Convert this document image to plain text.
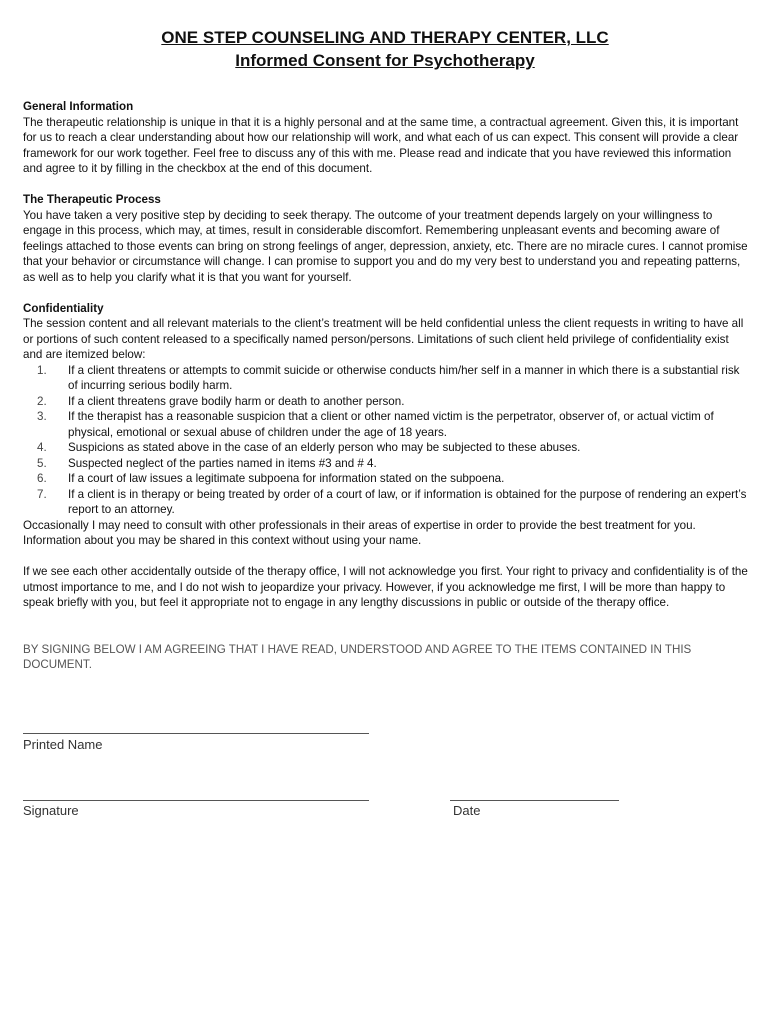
ONE STEP COUNSELING AND THERAPY CENTER, LLC
Informed Consent for Psychotherapy

General Information

The therapeutic relationship is unique in that it is a highly personal and at the same time, a contractual agreement. Given this, it is important for us to reach a clear understanding about how our relationship will work, and what each of us can expect. This consent will provide a clear framework for our work together. Feel free to discuss any of this with me. Please read and indicate that you have reviewed this information and agree to it by filling in the checkbox at the end of this document.

The Therapeutic Process

You have taken a very positive step by deciding to seek therapy. The outcome of your treatment depends largely on your willingness to engage in this process, which may, at times, result in considerable discomfort. Remembering unpleasant events and becoming aware of feelings attached to those events can bring on strong feelings of anger, depression, anxiety, etc. There are no miracle cures. I cannot promise that your behavior or circumstance will change. I can promise to support you and do my very best to understand you and repeating patterns, as well as to help you clarify what it is that you want for yourself.

Confidentiality

The session content and all relevant materials to the client’s treatment will be held confidential unless the client requests in writing to have all or portions of such content released to a specifically named person/persons. Limitations of such client held privilege of confidentiality exist and are itemized below:

1. If a client threatens or attempts to commit suicide or otherwise conducts him/her self in a manner in which there is a substantial risk of incurring serious bodily harm.
2. If a client threatens grave bodily harm or death to another person.
3. If the therapist has a reasonable suspicion that a client or other named victim is the perpetrator, observer of, or actual victim of physical, emotional or sexual abuse of children under the age of 18 years.
4. Suspicions as stated above in the case of an elderly person who may be subjected to these abuses.
5. Suspected neglect of the parties named in items #3 and # 4.
6. If a court of law issues a legitimate subpoena for information stated on the subpoena.
7. If a client is in therapy or being treated by order of a court of law, or if information is obtained for the purpose of rendering an expert’s report to an attorney.

Occasionally I may need to consult with other professionals in their areas of expertise in order to provide the best treatment for you. Information about you may be shared in this context without using your name.

If we see each other accidentally outside of the therapy office, I will not acknowledge you first. Your right to privacy and confidentiality is of the utmost importance to me, and I do not wish to jeopardize your privacy. However, if you acknowledge me first, I will be more than happy to speak briefly with you, but feel it appropriate not to engage in any lengthy discussions in public or outside of the therapy office.

BY SIGNING BELOW I AM AGREEING THAT I HAVE READ, UNDERSTOOD AND AGREE TO THE ITEMS CONTAINED IN THIS DOCUMENT.

Printed Name
Signature	Date
